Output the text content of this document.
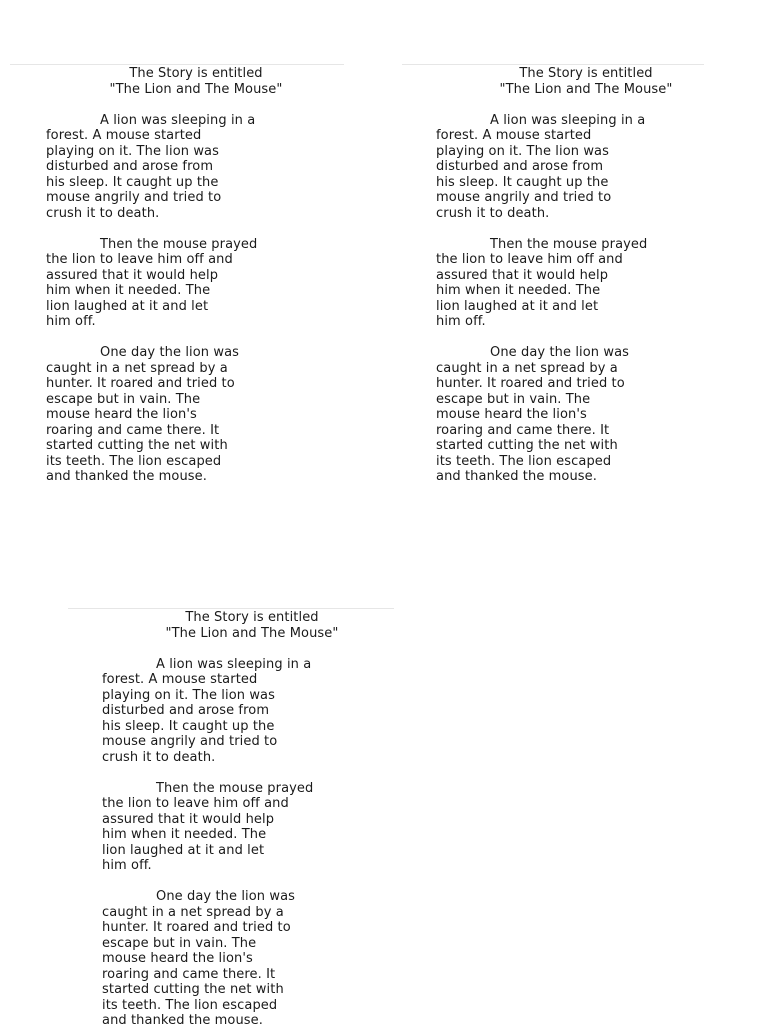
The Story is entitled

"The Lion and The Mouse"

A lion was sleeping in a
forest. A mouse started
playing on it. The lion was
disturbed and arose from
his sleep. It caught up the
mouse angrily and tried to
crush it to death.

Then the mouse prayed
the lion to leave him off and
assured that it would help
him when it needed. The
lion laughed at it and let
him off.

One day the lion was
caught in a net spread by a
hunter. It roared and tried to
escape but in vain. The
mouse heard the lion's
roaring and came there. It
started cutting the net with
its teeth. The lion escaped
and thanked the mouse.

The Story is entitled

"The Lion and The Mouse"

A lion was sleeping in a
forest. A mouse started
playing on it. The lion was
disturbed and arose from
his sleep. It caught up the
mouse angrily and tried to
crush it to death.

Then the mouse prayed
the lion to leave him off and
assured that it would help
him when it needed. The
lion laughed at it and let
him off.

One day the lion was
caught in a net spread by a
hunter. It roared and tried to
escape but in vain. The
mouse heard the lion's
roaring and came there. It
started cutting the net with
its teeth. The lion escaped
and thanked the mouse.

The Story is entitled

"The Lion and The Mouse"

A lion was sleeping in a
forest. A mouse started
playing on it. The lion was
disturbed and arose from
his sleep. It caught up the
mouse angrily and tried to
crush it to death.

Then the mouse prayed
the lion to leave him off and
assured that it would help
him when it needed. The
lion laughed at it and let
him off.

One day the lion was
caught in a net spread by a
hunter. It roared and tried to
escape but in vain. The
mouse heard the lion's
roaring and came there. It
started cutting the net with
its teeth. The lion escaped
and thanked the mouse.
